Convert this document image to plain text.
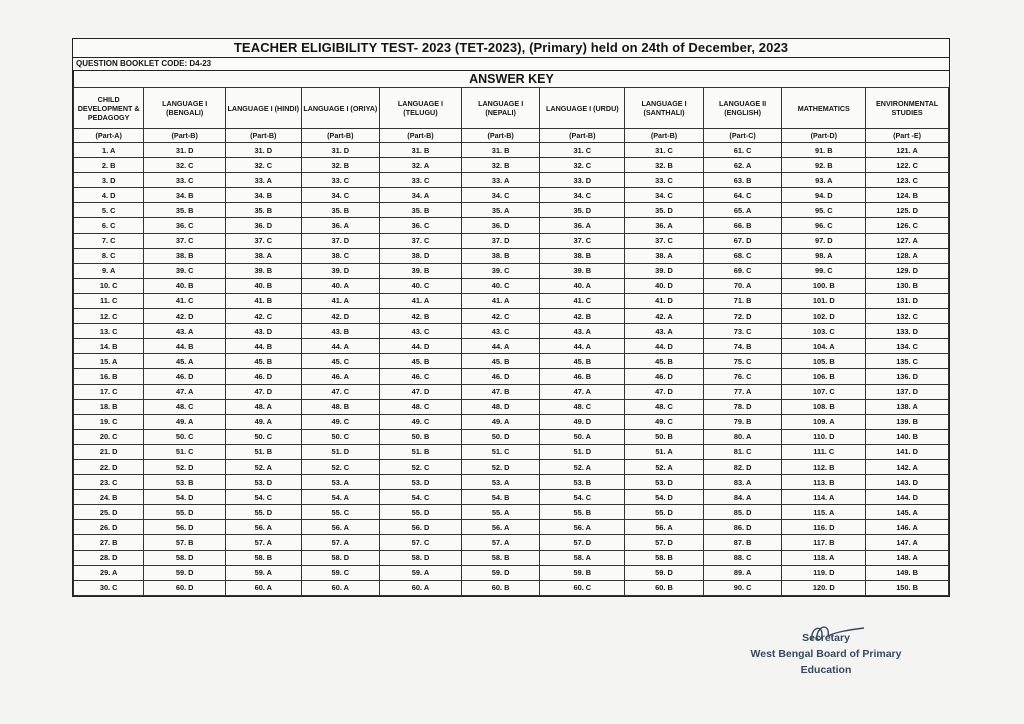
TEACHER ELIGIBILITY TEST- 2023 (TET-2023), (Primary) held on 24th of December, 2023
QUESTION BOOKLET CODE: D4-23
ANSWER KEY
CHILD DEVELOPMENT & PEDAGOGY	LANGUAGE I (BENGALI)	LANGUAGE I (HINDI)	LANGUAGE I (ORIYA)	LANGUAGE I (TELUGU)	LANGUAGE I (NEPALI)	LANGUAGE I (URDU)	LANGUAGE I (SANTHALI)	LANGUAGE II (ENGLISH)	MATHEMATICS	ENVIRONMENTAL STUDIES
(Part-A)	(Part-B)	(Part-B)	(Part-B)	(Part-B)	(Part-B)	(Part-B)	(Part-B)	(Part-C)	(Part-D)	(Part -E)
1. A	31. D	31. D	31. D	31. B	31. B	31. C	31. C	61. C	91. B	121. A
2. B	32. C	32. C	32. B	32. A	32. B	32. C	32. B	62. A	92. B	122. C
3. D	33. C	33. A	33. C	33. C	33. A	33. D	33. C	63. B	93. A	123. C
4. D	34. B	34. B	34. C	34. A	34. C	34. C	34. C	64. C	94. D	124. B
5. C	35. B	35. B	35. B	35. B	35. A	35. D	35. D	65. A	95. C	125. D
6. C	36. C	36. D	36. A	36. C	36. D	36. A	36. A	66. B	96. C	126. C
7. C	37. C	37. C	37. D	37. C	37. D	37. C	37. C	67. D	97. D	127. A
8. C	38. B	38. A	38. C	38. D	38. B	38. B	38. A	68. C	98. A	128. A
9. A	39. C	39. B	39. D	39. B	39. C	39. B	39. D	69. C	99. C	129. D
10. C	40. B	40. B	40. A	40. C	40. C	40. A	40. D	70. A	100. B	130. B
11. C	41. C	41. B	41. A	41. A	41. A	41. C	41. D	71. B	101. D	131. D
12. C	42. D	42. C	42. D	42. B	42. C	42. B	42. A	72. D	102. D	132. C
13. C	43. A	43. D	43. B	43. C	43. C	43. A	43. A	73. C	103. C	133. D
14. B	44. B	44. B	44. A	44. D	44. A	44. A	44. D	74. B	104. A	134. C
15. A	45. A	45. B	45. C	45. B	45. B	45. B	45. B	75. C	105. B	135. C
16. B	46. D	46. D	46. A	46. C	46. D	46. B	46. D	76. C	106. B	136. D
17. C	47. A	47. D	47. C	47. D	47. B	47. A	47. D	77. A	107. C	137. D
18. B	48. C	48. A	48. B	48. C	48. D	48. C	48. C	78. D	108. B	138. A
19. C	49. A	49. A	49. C	49. C	49. A	49. D	49. C	79. B	109. A	139. B
20. C	50. C	50. C	50. C	50. B	50. D	50. A	50. B	80. A	110. D	140. B
21. D	51. C	51. B	51. D	51. B	51. C	51. D	51. A	81. C	111. C	141. D
22. D	52. D	52. A	52. C	52. C	52. D	52. A	52. A	82. D	112. B	142. A
23. C	53. B	53. D	53. A	53. D	53. A	53. B	53. D	83. A	113. B	143. D
24. B	54. D	54. C	54. A	54. C	54. B	54. C	54. D	84. A	114. A	144. D
25. D	55. D	55. D	55. C	55. D	55. A	55. B	55. D	85. D	115. A	145. A
26. D	56. D	56. A	56. A	56. D	56. A	56. A	56. A	86. D	116. D	146. A
27. B	57. B	57. A	57. A	57. C	57. A	57. D	57. D	87. B	117. B	147. A
28. D	58. D	58. B	58. D	58. D	58. B	58. A	58. B	88. C	118. A	148. A
29. A	59. D	59. A	59. C	59. A	59. D	59. B	59. D	89. A	119. D	149. B
30. C	60. D	60. A	60. A	60. A	60. B	60. C	60. B	90. C	120. D	150. B
Secretary
West Bengal Board of Primary
Education
